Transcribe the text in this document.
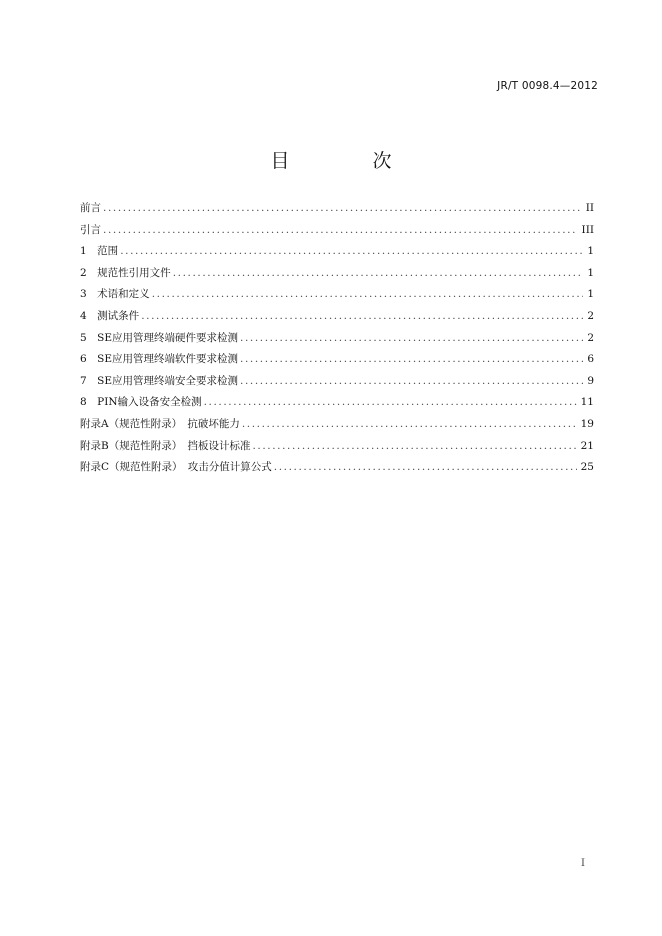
JR/T 0098.4—2012
目　次
前言 .....	II
引言 .....	III
1　范围 .....	1
2　规范性引用文件 .....	1
3　术语和定义 .....	1
4　测试条件 .....	2
5　SE应用管理终端硬件要求检测 .....	2
6　SE应用管理终端软件要求检测 .....	6
7　SE应用管理终端安全要求检测 .....	9
8　PIN输入设备安全检测 .....	11
附录A（规范性附录）　抗破坏能力 .....	19
附录B（规范性附录）　挡板设计标准 .....	21
附录C（规范性附录）　攻击分值计算公式 .....	25
I
